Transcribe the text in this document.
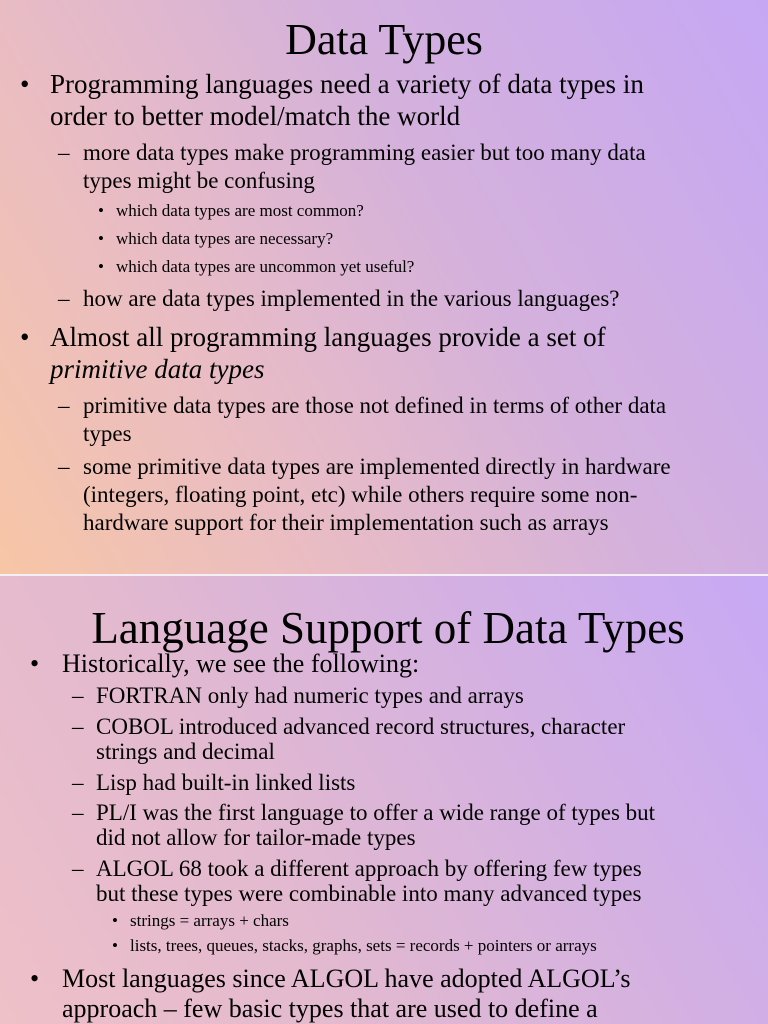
Data Types
• Programming languages need a variety of data types in
order to better model/match the world
– more data types make programming easier but too many data
types might be confusing
• which data types are most common?
• which data types are necessary?
• which data types are uncommon yet useful?
– how are data types implemented in the various languages?
• Almost all programming languages provide a set of
primitive data types
– primitive data types are those not defined in terms of other data
types
– some primitive data types are implemented directly in hardware
(integers, floating point, etc) while others require some non-
hardware support for their implementation such as arrays
Language Support of Data Types
• Historically, we see the following:
– FORTRAN only had numeric types and arrays
– COBOL introduced advanced record structures, character
strings and decimal
– Lisp had built-in linked lists
– PL/I was the first language to offer a wide range of types but
did not allow for tailor-made types
– ALGOL 68 took a different approach by offering few types
but these types were combinable into many advanced types
• strings = arrays + chars
• lists, trees, queues, stacks, graphs, sets = records + pointers or arrays
• Most languages since ALGOL have adopted ALGOL’s
approach – few basic types that are used to define a
